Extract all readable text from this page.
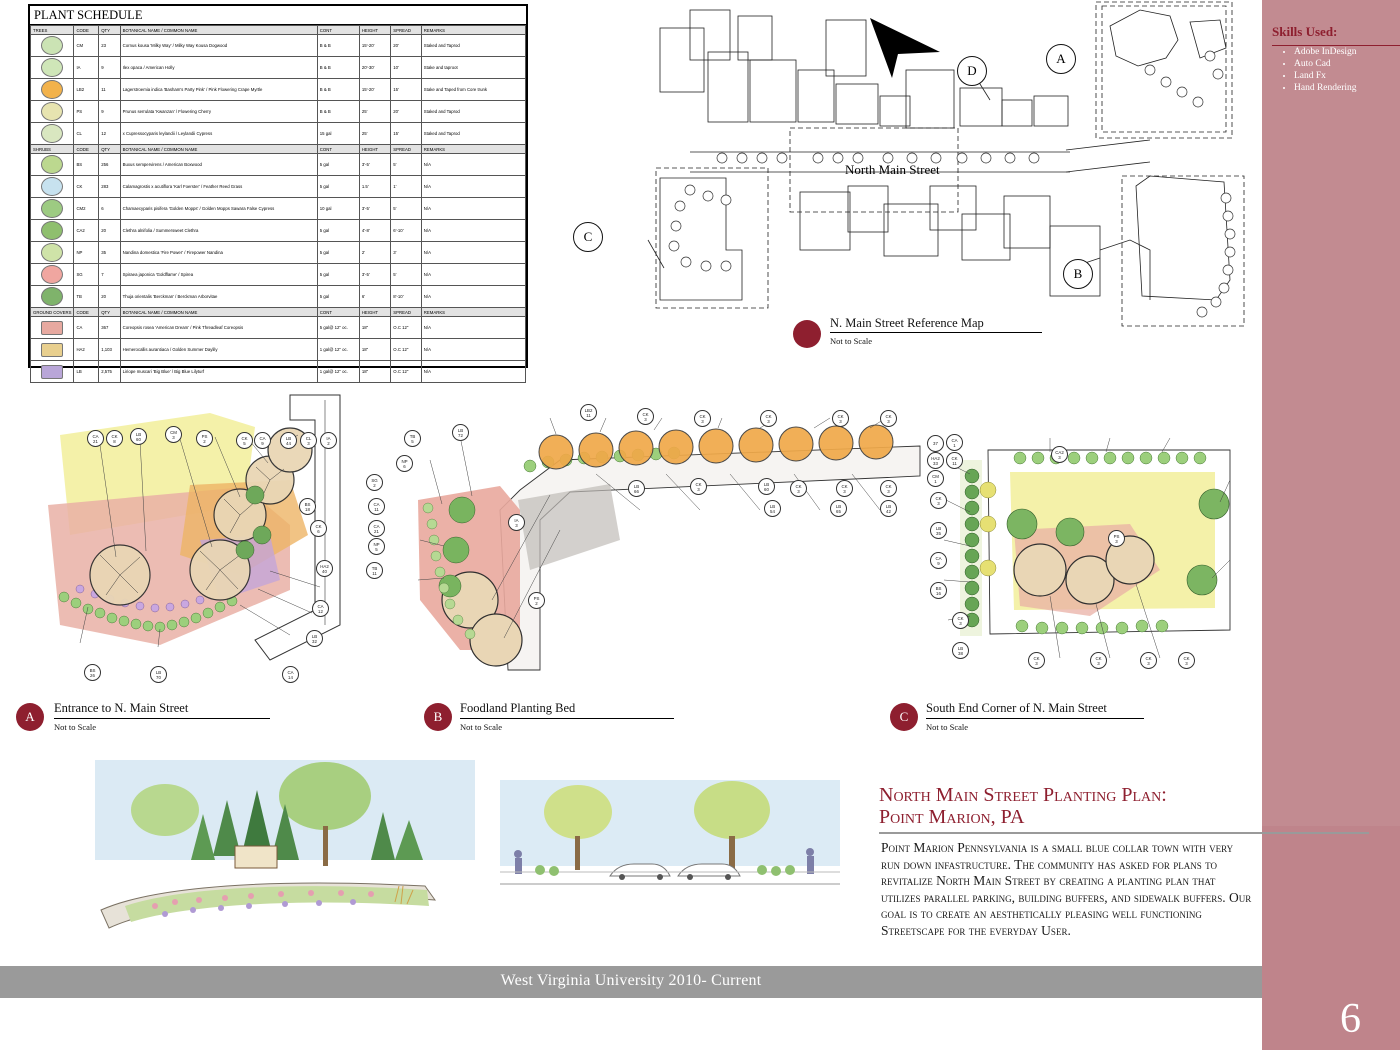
Skills Used:
• Adobe InDesign
• Auto Cad
• Land Fx
• Hand Rendering
6
West Virginia University 2010- Current
PLANT SCHEDULE
TREES	CODE	QTY	BOTANICAL NAME / COMMON NAME	CONT	HEIGHT	SPREAD	REMARKS

	CM	23	Cornus kousa 'Milky Way' / Milky Way Kousa Dogwood	B & B	15'-20'	20'	Staked and Taprod

	IA	9	Ilex opaca / American Holly	B & B	20'-30'	10'	Stake and taproot

	LB2	11	Lagerstroemia indica 'Basham's Party Pink' / Pink Flowering Crape Myrtle	B & B	15'-20'	15'	Stake and Taped from Core trunk

	PS	9	Prunus serrulata 'Kwanzan' / Flowering Cherry	B & B	25'	20'	Staked and Taprod

	CL	12	x Cupressocyparis leylandii / Leylandii Cypress	15 gal	25'	15'	Staked and Taprod
SHRUBS	CODE	QTY	BOTANICAL NAME / COMMON NAME	CONT	HEIGHT	SPREAD	REMARKS

	BS	256	Buxus sempervirens / American Boxwood	5 gal	3'-5'	5'	N/A

	CK	283	Calamagrostis x acutiflora 'Karl Foerster' / Feather Reed Grass	5 gal	1.5'	1'	N/A

	CM2	6	Chamaecyparis pisifera 'Golden Mopps' / Golden Mopps Sawara False Cypress	10 gal	3'-5'	5'	N/A

	CA2	20	Clethra alnifolia / Summersweet Clethra	5 gal	4'-8'	6'-10'	N/A

	NP	35	Nandina domestica 'Fire Power' / Firepower Nandina	5 gal	2'	3'	N/A

	SG	7	Spiraea japonica 'Goldflame' / Spirea	5 gal	3'-5'	5'	N/A

	TB	20	Thuja orientalis 'Berckman' / Berckman Arborvitae	5 gal	6'	8'-10'	N/A
GROUND COVERS	CODE	QTY	BOTANICAL NAME / COMMON NAME	CONT	HEIGHT	SPREAD	REMARKS

	CA	367	Coreopsis rosea 'American Dream' / Pink Threadleaf Coreopsis	5 gal@ 12" oc.	18"	O.C 12"	N/A

	HA2	1,103	Hemerocallis aurantiaca / Golden Summer Daylily	1 gal@ 12" oc.	18"	O.C 12"	N/A

	LB	2,575	Liriope muscari 'Big Blue' / Big Blue Lilyturf	1 gal@ 12" oc.	18"	O.C 12"	N/A
North Main Street
A
B
C
D
N. Main Street Reference Map
Not to Scale
CA
21
CK
8
LB
60
CM
3	PS
2
CK
5
CA
9
LB
44
CL
3
IA
2
BS
18
CK
6
HA2
40
CA
12
LB
32
BS
26
LB
70
CA
14
LB2
11	CK
3
CK
3
CK
3
CK
3
CK
3
LB
72
TB
5
NP
6
SG
2
CA
11
CA
21
NP
5
TB
11
IA
3
PS
2
LB
66
CK
3
LB
60
CK
3
LB
54
CK
3
CK
3
LB
65
LB
42
37
CA
1
HA2
33
CK
11
CM
1
CK
3
LB
35
CA
9
BS
16
CK
3
LB
38
CK
3
CK
3
CK
3
CK
3
CA2
3
PS
3
A
Entrance to N. Main Street
Not to Scale
B
Foodland Planting Bed
Not to Scale
C
South End Corner of N. Main Street
Not to Scale
North Main Street Planting Plan:
Point Marion, PA
Point Marion Pennsylvania is a small blue collar town with very run down infastructure. The community has asked for plans to revitalize North Main Street by creating a planting plan that utilizes parallel parking, building buffers, and sidewalk buffers. Our goal is to create an aesthetically pleasing well functioning Streetscape for the everyday User.
